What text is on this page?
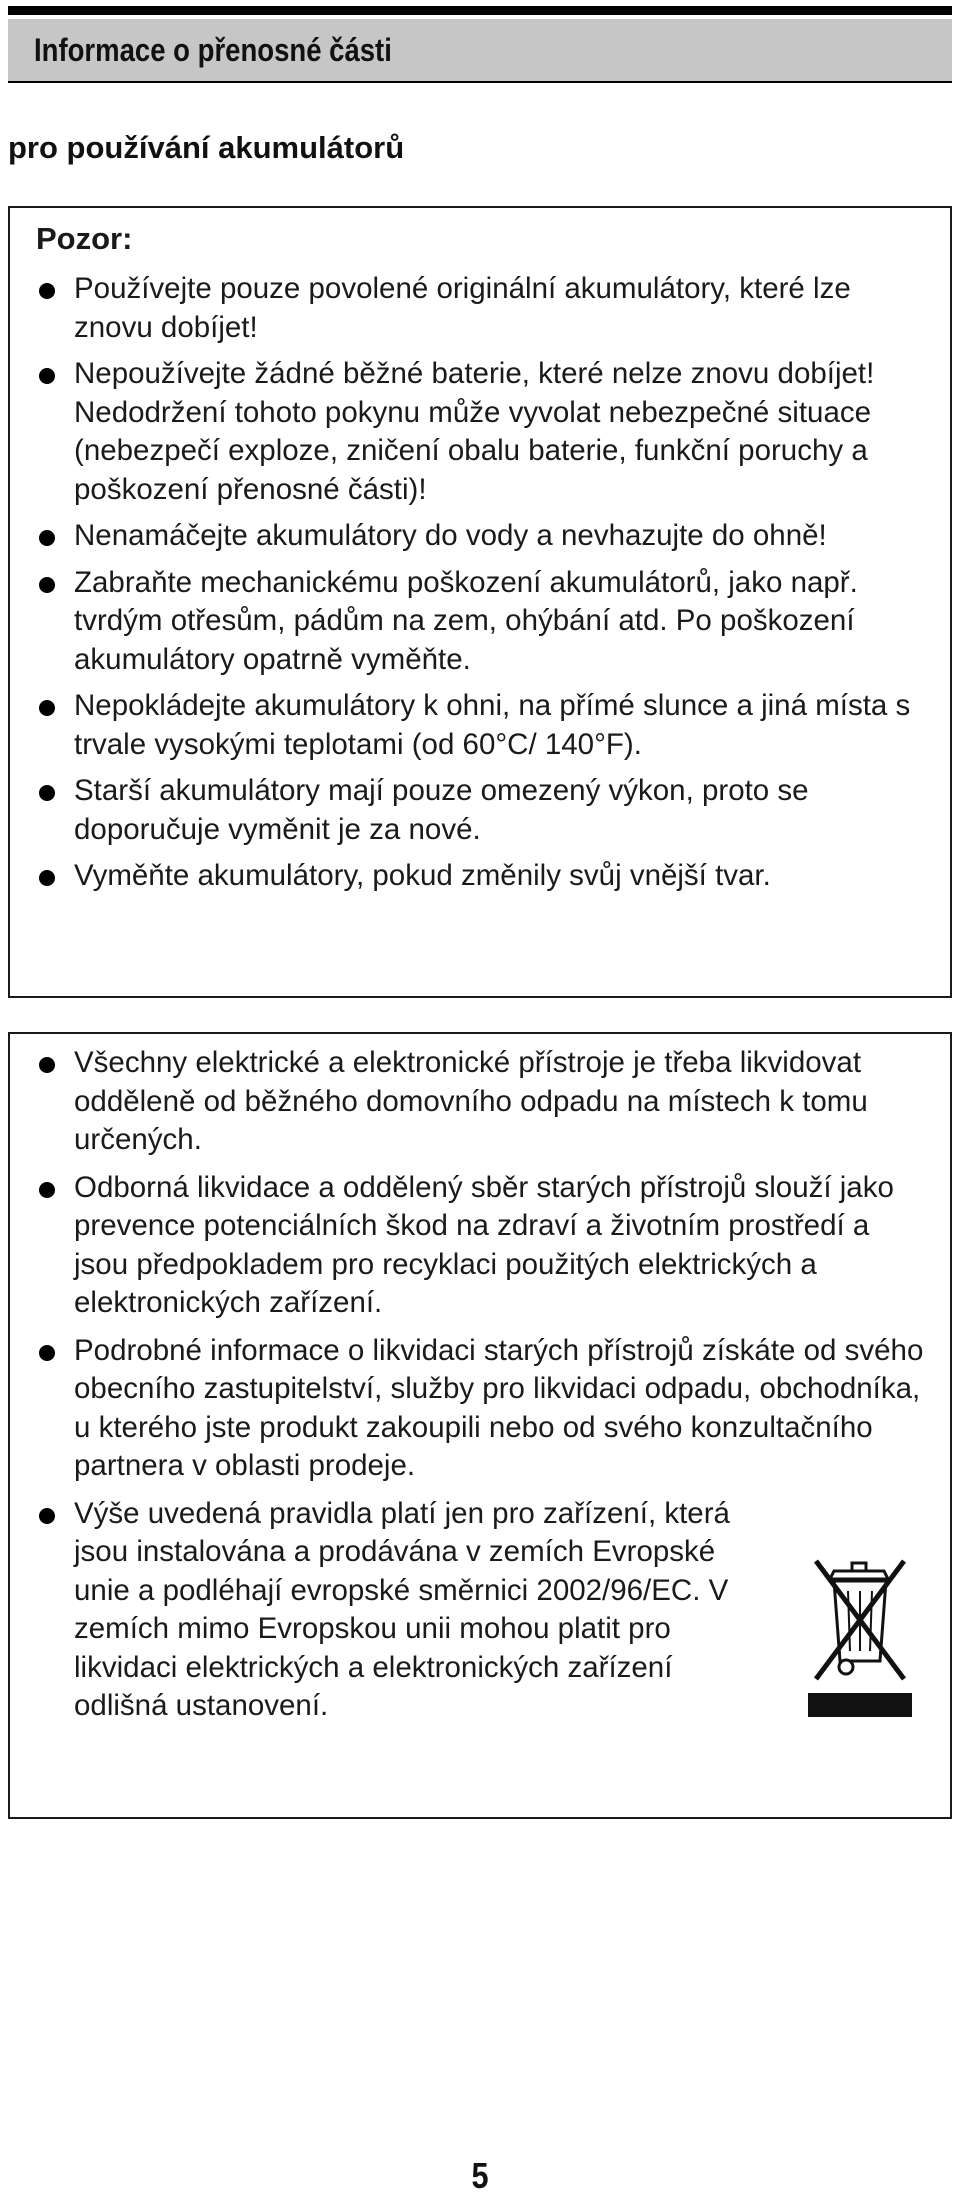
Informace o přenosné části
pro používání akumulátorů
Pozor:
Používejte pouze povolené originální akumulátory, které lze znovu dobíjet!
Nepoužívejte žádné běžné baterie, které nelze znovu dobíjet! Nedodržení tohoto pokynu může vyvolat nebezpečné situace (nebezpečí exploze, zničení obalu baterie, funkční poruchy a poškození přenosné části)!
Nenamáčejte akumulátory do vody a nevhazujte do ohně!
Zabraňte mechanickému poškození akumulátorů, jako např. tvrdým otřesům, pádům na zem, ohýbání atd. Po poškození akumulátory opatrně vyměňte.
Nepokládejte akumulátory k ohni, na přímé slunce a jiná místa s trvale vysokými teplotami (od 60°C/ 140°F).
Starší akumulátory mají pouze omezený výkon, proto se doporučuje vyměnit je za nové.
Vyměňte akumulátory, pokud změnily svůj vnější tvar.
Všechny elektrické a elektronické přístroje je třeba likvidovat odděleně od běžného domovního odpadu na místech k tomu určených.
Odborná likvidace a oddělený sběr starých přístrojů slouží jako prevence potenciálních škod na zdraví a životním prostředí a jsou předpokladem pro recyklaci použitých elektrických a elektronických zařízení.
Podrobné informace o likvidaci starých přístrojů získáte od svého obecního zastupitelství, služby pro likvidaci odpadu, obchodníka, u kterého jste produkt zakoupili nebo od svého konzultačního partnera v oblasti prodeje.
Výše uvedená pravidla platí jen pro zařízení, která jsou instalována a prodávána v zemích Evropské unie a podléhají evropské směrnici 2002/96/EC. V zemích mimo Evropskou unii mohou platit pro likvidaci elektrických a elektronických zařízení odlišná ustanovení.
5
